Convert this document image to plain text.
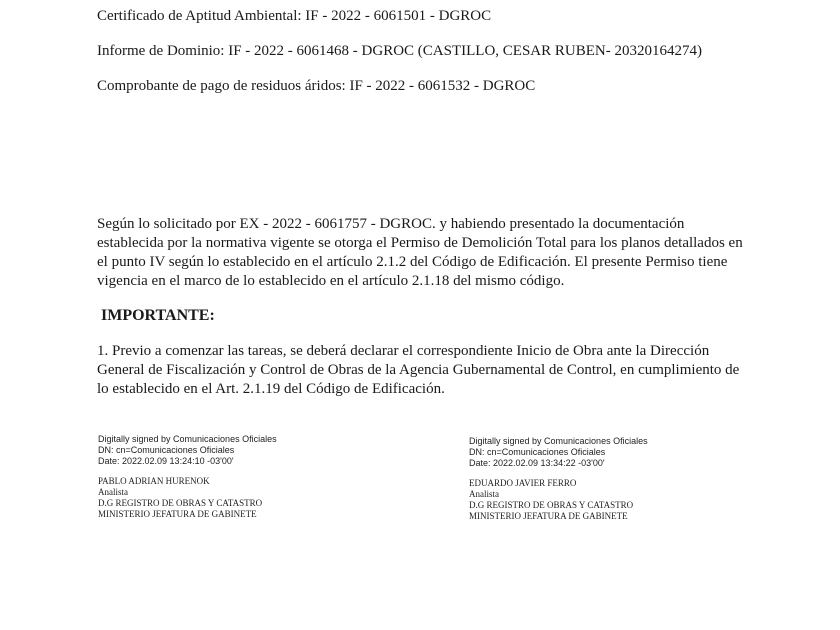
Certificado de Aptitud Ambiental: IF - 2022 - 6061501 - DGROC
Informe de Dominio: IF - 2022 - 6061468 - DGROC (CASTILLO, CESAR RUBEN- 20320164274)
Comprobante de pago de residuos áridos: IF - 2022 - 6061532 - DGROC
Según lo solicitado por EX - 2022 - 6061757 - DGROC. y habiendo presentado la documentación
establecida por la normativa vigente se otorga el Permiso de Demolición Total para los planos detallados en
el punto IV según lo establecido en el artículo 2.1.2 del Código de Edificación. El presente Permiso tiene
vigencia en el marco de lo establecido en el artículo 2.1.18 del mismo código.
IMPORTANTE:
1. Previo a comenzar las tareas, se deberá declarar el correspondiente Inicio de Obra ante la Dirección
General de Fiscalización y Control de Obras de la Agencia Gubernamental de Control, en cumplimiento de
lo establecido en el Art. 2.1.19 del Código de Edificación.
Digitally signed by Comunicaciones Oficiales
DN: cn=Comunicaciones Oficiales
Date: 2022.02.09 13:24:10 -03'00'
PABLO ADRIAN HURENOK
Analista
D.G REGISTRO DE OBRAS Y CATASTRO
MINISTERIO JEFATURA DE GABINETE
Digitally signed by Comunicaciones Oficiales
DN: cn=Comunicaciones Oficiales
Date: 2022.02.09 13:34:22 -03'00'
EDUARDO JAVIER FERRO
Analista
D.G REGISTRO DE OBRAS Y CATASTRO
MINISTERIO JEFATURA DE GABINETE
